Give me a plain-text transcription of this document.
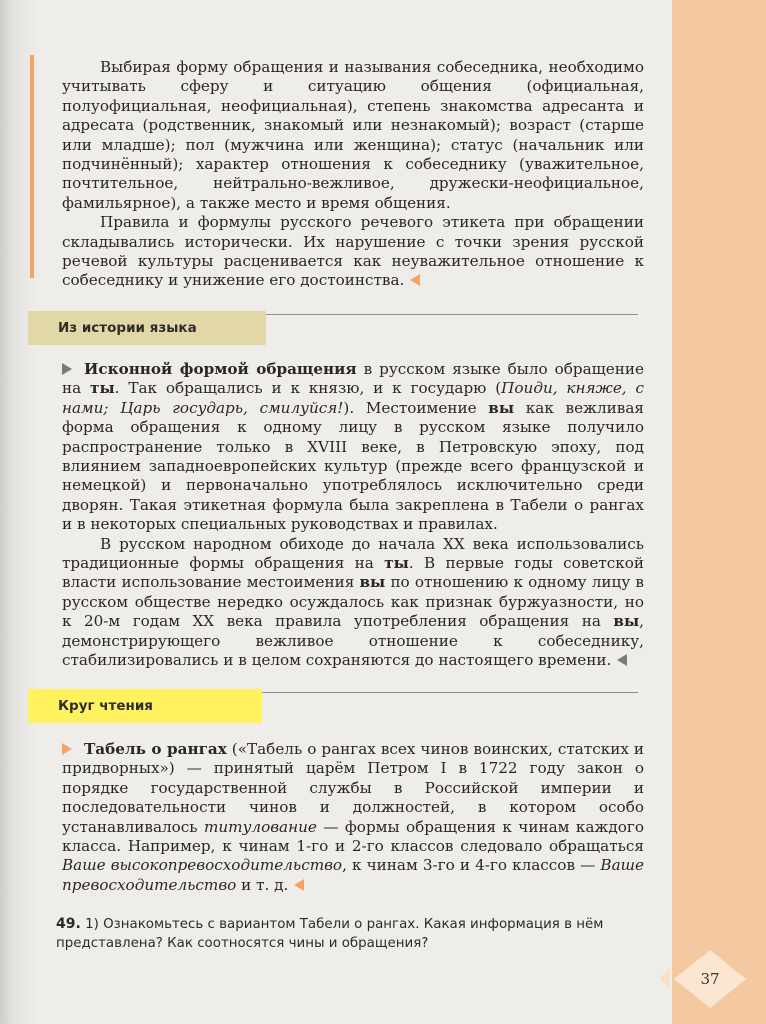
Выбирая форму обращения и называния собеседника, необходимо учитывать сферу и ситуацию общения (официальная, полуофициальная, неофициальная), степень знакомства адресанта и адресата (родственник, знакомый или незнакомый); возраст (старше или младше); пол (мужчина или женщина); статус (начальник или подчинённый); характер отношения к собеседнику (уважительное, почтительное, нейтрально-вежливое, дружески-неофициальное, фамильярное), а также место и время общения.

Правила и формулы русского речевого этикета при обращении складывались исторически. Их нарушение с точки зрения русской речевой культуры расценивается как неуважительное отношение к собеседнику и унижение его достоинства.

Из истории языка

Исконной формой обращения в русском языке было обращение на ты. Так обращались и к князю, и к государю (Поиди, княже, с нами; Царь государь, смилуйся!). Местоимение вы как вежливая форма обращения к одному лицу в русском языке получило распространение только в XVIII веке, в Петровскую эпоху, под влиянием западноевропейских культур (прежде всего французской и немецкой) и первоначально употреблялось исключительно среди дворян. Такая этикетная формула была закреплена в Табели о рангах и в некоторых специальных руководствах и правилах.

В русском народном обиходе до начала XX века использовались традиционные формы обращения на ты. В первые годы советской власти использование местоимения вы по отношению к одному лицу в русском обществе нередко осуждалось как признак буржуазности, но к 20-м годам XX века правила употребления обращения на вы, демонстрирующего вежливое отношение к собеседнику, стабилизировались и в целом сохраняются до настоящего времени.

Круг чтения

Табель о рангах («Табель о рангах всех чинов воинских, статских и придворных») — принятый царём Петром I в 1722 году закон о порядке государственной службы в Российской империи и последовательности чинов и должностей, в котором особо устанавливалось титулование — формы обращения к чинам каждого класса. Например, к чинам 1-го и 2-го классов следовало обращаться Ваше высокопревосходительство, к чинам 3-го и 4-го классов — Ваше превосходительство и т. д.

49. 1) Ознакомьтесь с вариантом Табели о рангах. Какая информация в нём представлена? Как соотносятся чины и обращения?
37
